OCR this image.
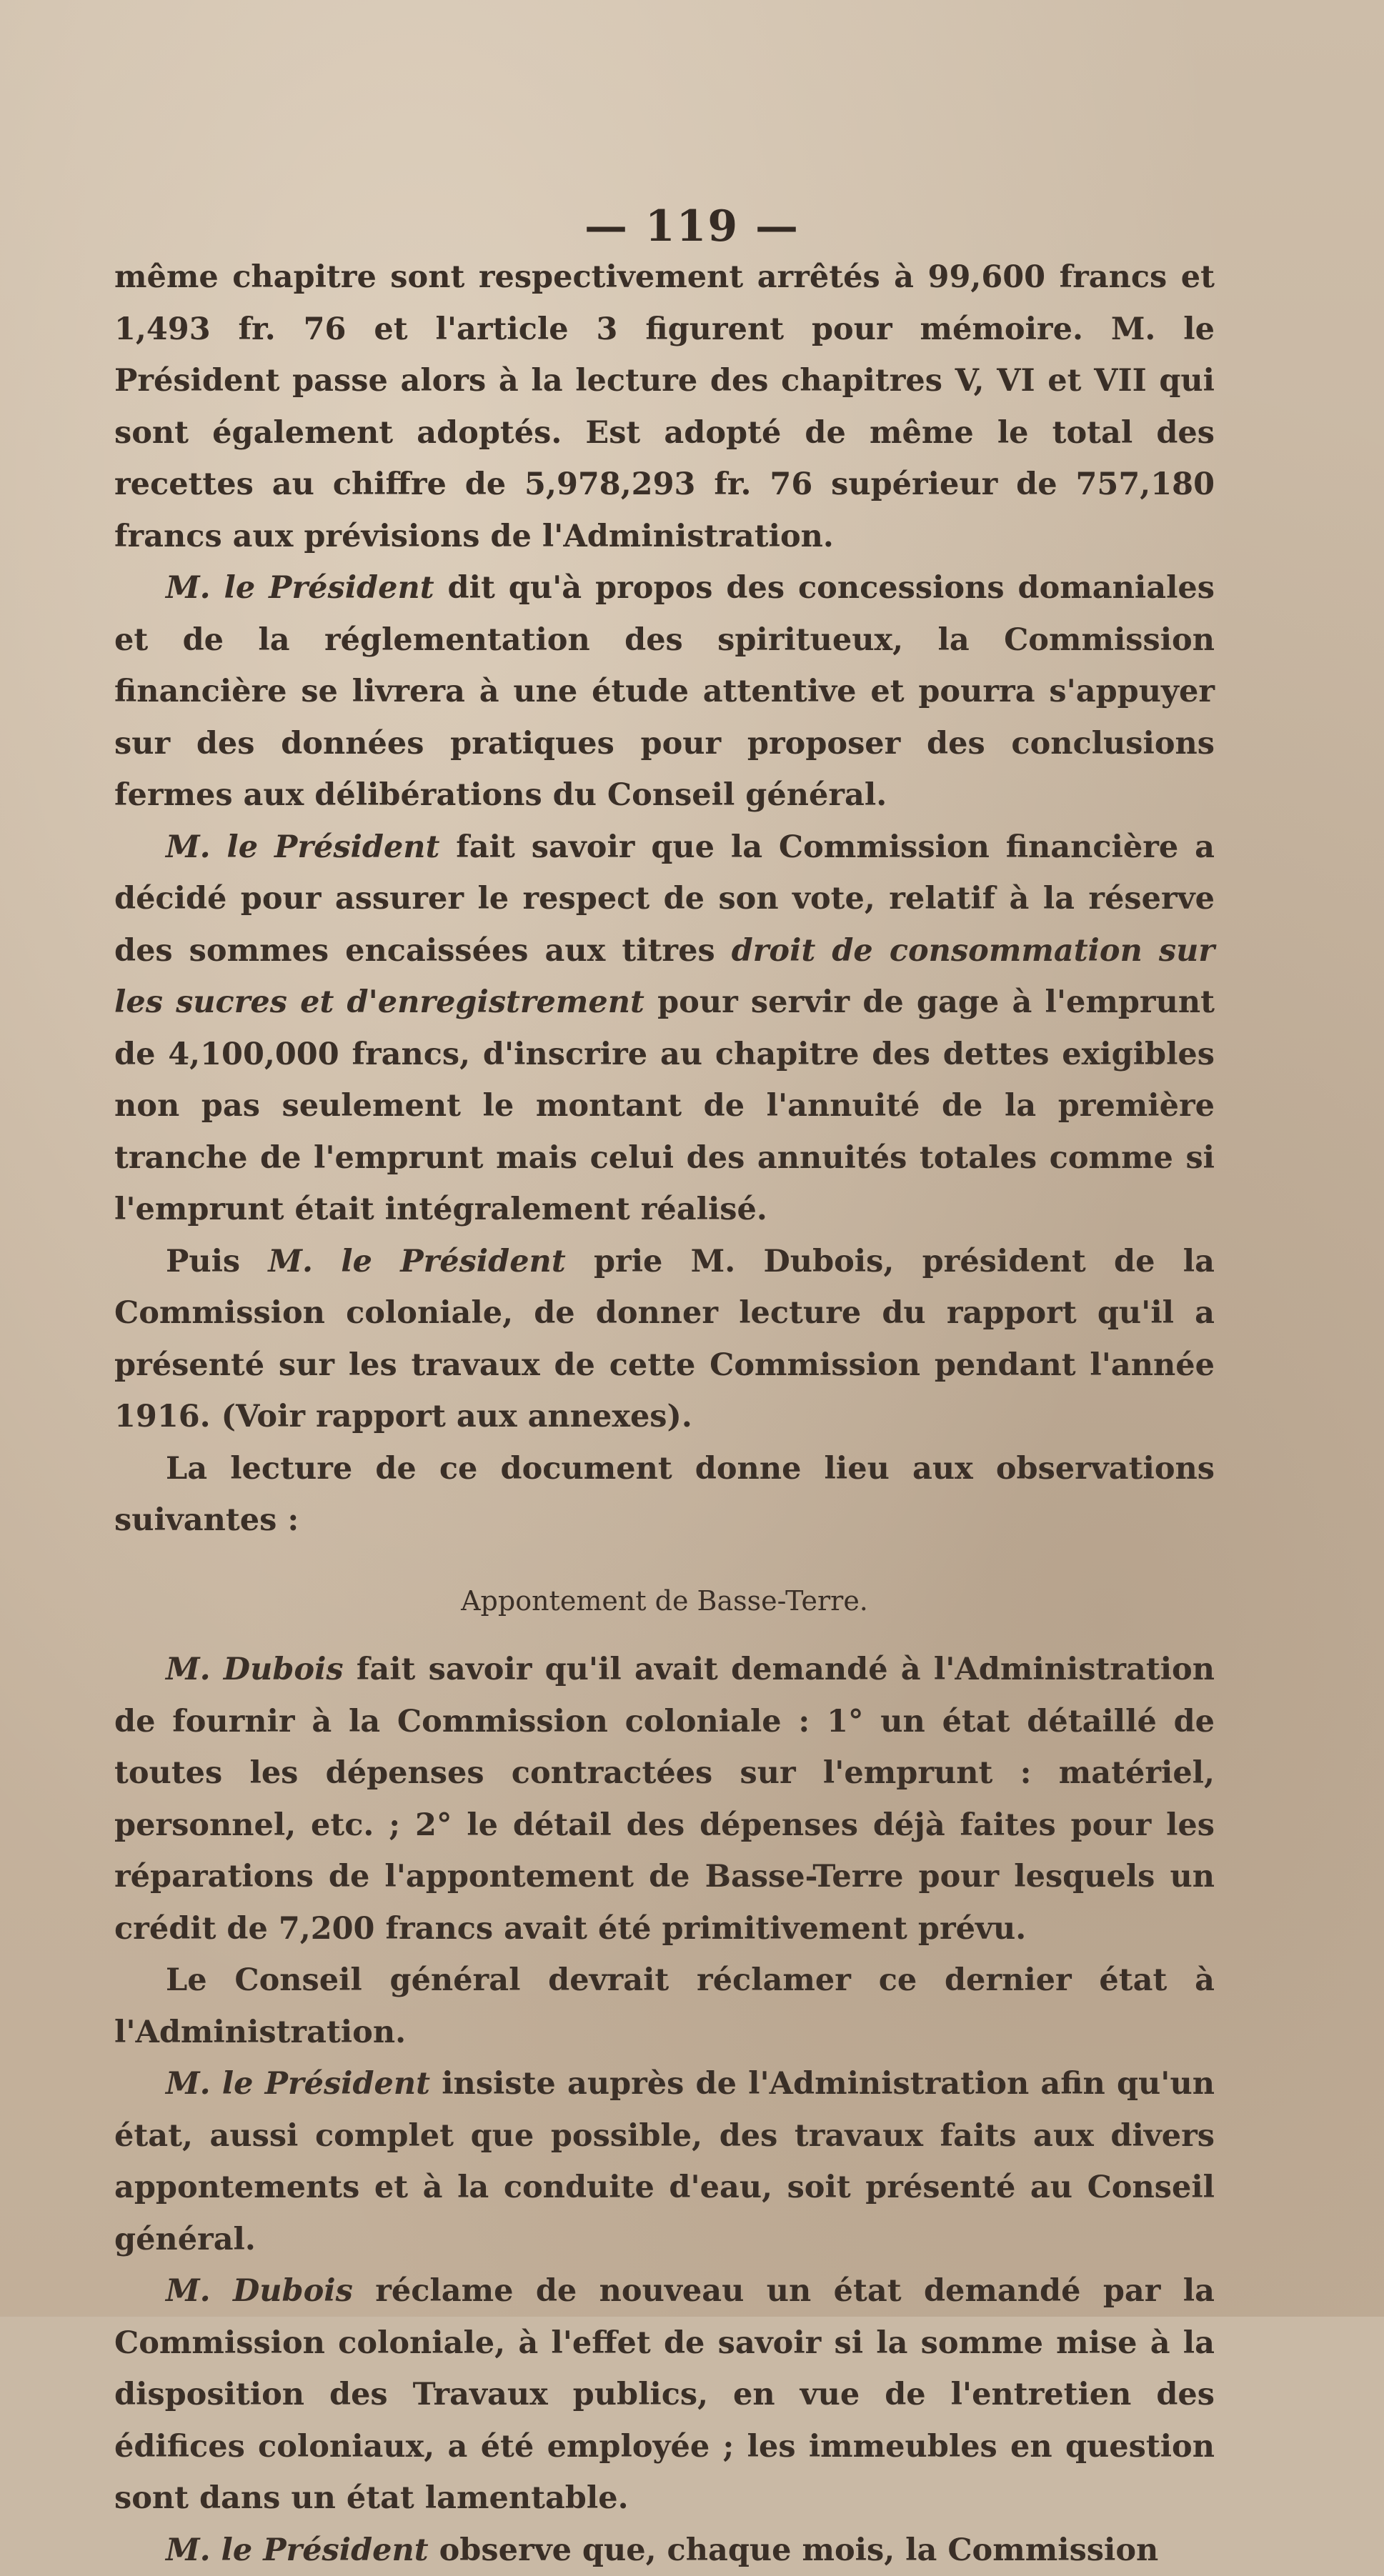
— 119 —

même chapitre sont respectivement arrêtés à 99,600 francs et 1,493 fr. 76 et l'article 3 figurent pour mémoire. M. le Président passe alors à la lecture des chapitres V, VI et VII qui sont également adoptés. Est adopté de même le total des recettes au chiffre de 5,978,293 fr. 76 supérieur de 757,180 francs aux prévisions de l'Administration.

M. le Président dit qu'à propos des concessions domaniales et de la réglementation des spiritueux, la Commission financière se livrera à une étude attentive et pourra s'appuyer sur des données pratiques pour proposer des conclusions fermes aux délibérations du Conseil général.

M. le Président fait savoir que la Commission financière a décidé pour assurer le respect de son vote, relatif à la réserve des sommes encaissées aux titres droit de consommation sur les sucres et d'enregistrement pour servir de gage à l'emprunt de 4,100,000 francs, d'inscrire au chapitre des dettes exigibles non pas seulement le montant de l'annuité de la première tranche de l'emprunt mais celui des annuités totales comme si l'emprunt était intégralement réalisé.

Puis M. le Président prie M. Dubois, président de la Commission coloniale, de donner lecture du rapport qu'il a présenté sur les travaux de cette Commission pendant l'année 1916. (Voir rapport aux annexes).

La lecture de ce document donne lieu aux observations suivantes :

Appontement de Basse-Terre.

M. Dubois fait savoir qu'il avait demandé à l'Administration de fournir à la Commission coloniale : 1° un état détaillé de toutes les dépenses contractées sur l'emprunt : matériel, personnel, etc. ; 2° le détail des dépenses déjà faites pour les réparations de l'appontement de Basse-Terre pour lesquels un crédit de 7,200 francs avait été primitivement prévu.

Le Conseil général devrait réclamer ce dernier état à l'Administration.

M. le Président insiste auprès de l'Administration afin qu'un état, aussi complet que possible, des travaux faits aux divers appontements et à la conduite d'eau, soit présenté au Conseil général.

M. Dubois réclame de nouveau un état demandé par la Commission coloniale, à l'effet de savoir si la somme mise à la disposition des Travaux publics, en vue de l'entretien des édifices coloniaux, a été employée ; les immeubles en question sont dans un état lamentable.

M. le Président observe que, chaque mois, la Commission
